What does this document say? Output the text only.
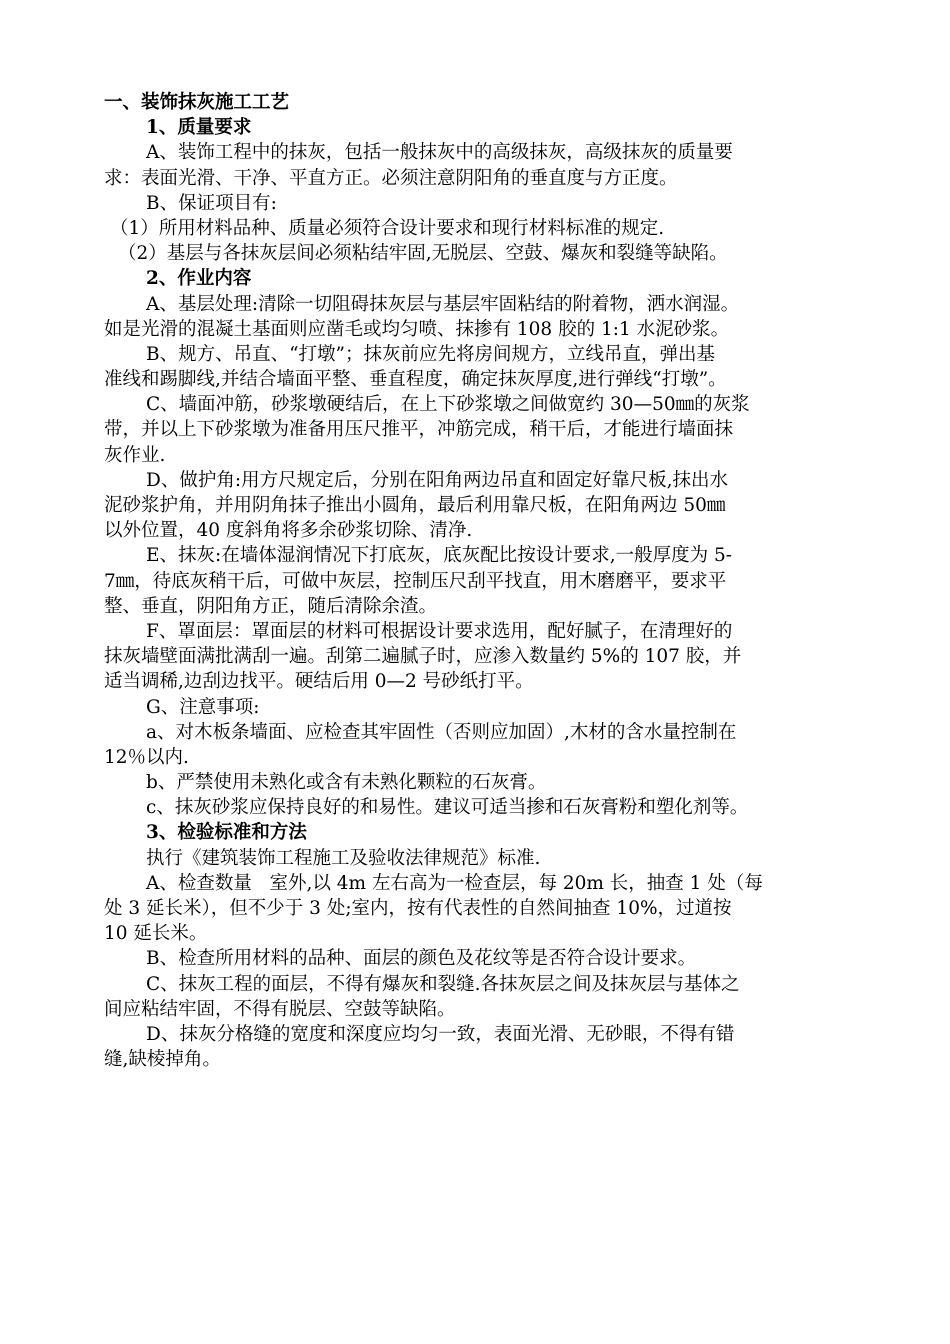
一、装饰抹灰施工工艺
1、质量要求
A、装饰工程中的抹灰，包括一般抹灰中的高级抹灰，高级抹灰的质量要
求：表面光滑、干净、平直方正。必须注意阴阳角的垂直度与方正度。
B、保证项目有:
（1）所用材料品种、质量必须符合设计要求和现行材料标准的规定.
（2）基层与各抹灰层间必须粘结牢固,无脱层、空鼓、爆灰和裂缝等缺陷。
2、作业内容
A、基层处理:清除一切阻碍抹灰层与基层牢固粘结的附着物，洒水润湿。
如是光滑的混凝土基面则应凿毛或均匀喷、抹掺有 108 胶的 1:1 水泥砂浆。
B、规方、吊直、“打墩”；抹灰前应先将房间规方，立线吊直，弹出基
准线和踢脚线,并结合墙面平整、垂直程度，确定抹灰厚度,进行弹线“打墩”。
C、墙面冲筋，砂浆墩硬结后，在上下砂浆墩之间做宽约 30—50㎜的灰浆
带，并以上下砂浆墩为准备用压尺推平，冲筋完成，稍干后，才能进行墙面抹
灰作业.
D、做护角:用方尺规定后，分别在阳角两边吊直和固定好靠尺板,抹出水
泥砂浆护角，并用阴角抹子推出小圆角，最后利用靠尺板，在阳角两边 50㎜
以外位置，40 度斜角将多余砂浆切除、清净.
E、抹灰:在墙体湿润情况下打底灰，底灰配比按设计要求,一般厚度为 5-
7㎜，待底灰稍干后，可做中灰层，控制压尺刮平找直，用木磨磨平，要求平
整、垂直，阴阳角方正，随后清除余渣。
F、罩面层：罩面层的材料可根据设计要求选用，配好腻子，在清理好的
抹灰墙壁面满批满刮一遍。刮第二遍腻子时，应渗入数量约 5%的 107 胶，并
适当调稀,边刮边找平。硬结后用 0—2 号砂纸打平。
G、注意事项:
a、对木板条墙面、应检查其牢固性（否则应加固）,木材的含水量控制在
12％以内.
b、严禁使用未熟化或含有未熟化颗粒的石灰膏。
c、抹灰砂浆应保持良好的和易性。建议可适当掺和石灰膏粉和塑化剂等。
3、检验标准和方法
执行《建筑装饰工程施工及验收法律规范》标准.
A、检查数量   室外,以 4m 左右高为一检查层，每 20m 长，抽查 1 处（每
处 3 延长米），但不少于 3 处;室内，按有代表性的自然间抽查 10%，过道按
10 延长米。
B、检查所用材料的品种、面层的颜色及花纹等是否符合设计要求。
C、抹灰工程的面层，不得有爆灰和裂缝.各抹灰层之间及抹灰层与基体之
间应粘结牢固，不得有脱层、空鼓等缺陷。
D、抹灰分格缝的宽度和深度应均匀一致，表面光滑、无砂眼，不得有错
缝,缺棱掉角。
